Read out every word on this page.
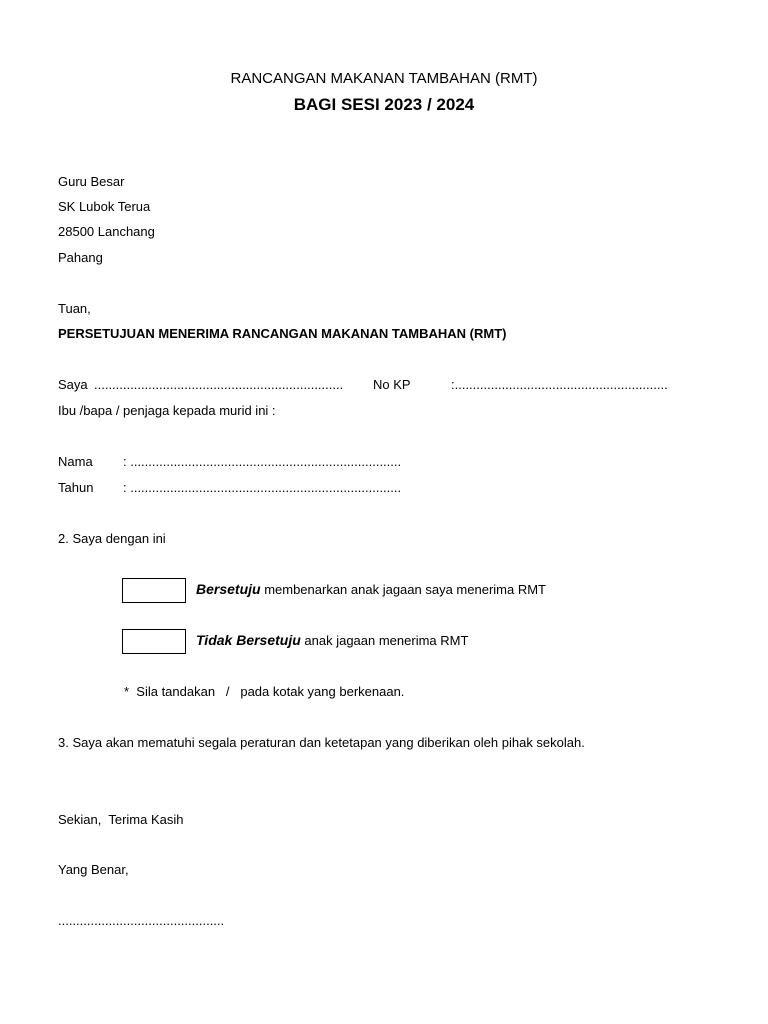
RANCANGAN MAKANAN TAMBAHAN (RMT)
BAGI SESI 2023 / 2024
Guru Besar
SK Lubok Terua
28500 Lanchang
Pahang
Tuan,
PERSETUJUAN MENERIMA RANCANGAN MAKANAN TAMBAHAN (RMT)
Saya ..................................................................... No KP	:...........................................................
Ibu /bapa / penjaga kepada murid ini :
Nama : ...........................................................................
Tahun : ...........................................................................
2. Saya dengan ini
Bersetuju membenarkan anak jagaan saya menerima RMT
Tidak Bersetuju anak jagaan menerima RMT
*  Sila tandakan   /   pada kotak yang berkenaan.
3. Saya akan mematuhi segala peraturan dan ketetapan yang diberikan oleh pihak sekolah.
Sekian,  Terima Kasih
Yang Benar,
..............................................
